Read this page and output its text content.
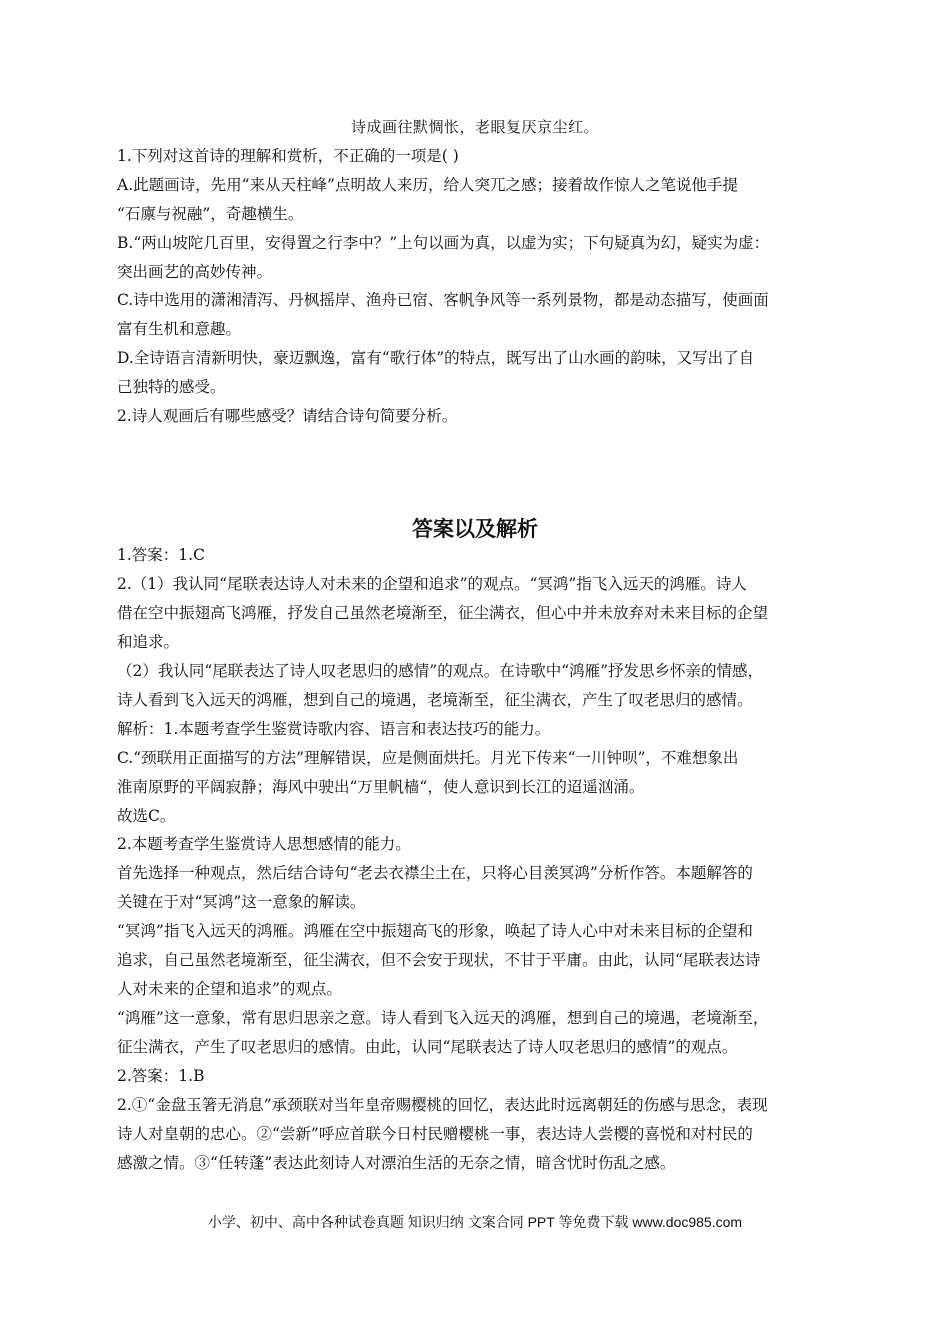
诗成画往默惆怅，老眼复厌京尘红。
1.下列对这首诗的理解和赏析，不正确的一项是( )
A.此题画诗，先用“来从天柱峰”点明故人来历，给人突兀之感；接着故作惊人之笔说他手提
“石廪与祝融”，奇趣横生。
B.“两山坡陀几百里，安得置之行李中？”上句以画为真，以虚为实；下句疑真为幻，疑实为虚：
突出画艺的高妙传神。
C.诗中选用的潇湘清泻、丹枫摇岸、渔舟已宿、客帆争风等一系列景物，都是动态描写，使画面
富有生机和意趣。
D.全诗语言清新明快，豪迈飘逸，富有“歌行体”的特点，既写出了山水画的韵味，又写出了自
己独特的感受。
2.诗人观画后有哪些感受？请结合诗句简要分析。
答案以及解析
1.答案：1.C
2.（1）我认同“尾联表达诗人对未来的企望和追求”的观点。“冥鸿”指飞入远天的鸿雁。诗人
借在空中振翅高飞鸿雁，抒发自己虽然老境渐至，征尘满衣，但心中并未放弃对未来目标的企望
和追求。
（2）我认同“尾联表达了诗人叹老思归的感情”的观点。在诗歌中“鸿雁”抒发思乡怀亲的情感，
诗人看到飞入远天的鸿雁，想到自己的境遇，老境渐至，征尘满衣，产生了叹老思归的感情。
解析：1.本题考查学生鉴赏诗歌内容、语言和表达技巧的能力。
C.“颈联用正面描写的方法”理解错误，应是侧面烘托。月光下传来“一川钟呗”，不难想象出
淮南原野的平阔寂静；海风中驶出“万里帆樯“，使人意识到长江的迢遥汹涌。
故选C。
2.本题考查学生鉴赏诗人思想感情的能力。
首先选择一种观点，然后结合诗句“老去衣襟尘土在，只将心目羡冥鸿”分析作答。本题解答的
关键在于对“冥鸿”这一意象的解读。
“冥鸿”指飞入远天的鸿雁。鸿雁在空中振翅高飞的形象，唤起了诗人心中对未来目标的企望和
追求，自己虽然老境渐至，征尘满衣，但不会安于现状，不甘于平庸。由此，认同“尾联表达诗
人对未来的企望和追求”的观点。
“鸿雁”这一意象，常有思归思亲之意。诗人看到飞入远天的鸿雁，想到自己的境遇，老境渐至，
征尘满衣，产生了叹老思归的感情。由此，认同“尾联表达了诗人叹老思归的感情”的观点。
2.答案：1.B
2.①“金盘玉箸无消息”承颈联对当年皇帝赐樱桃的回忆，表达此时远离朝廷的伤感与思念，表现
诗人对皇朝的忠心。②“尝新”呼应首联今日村民赠樱桃一事，表达诗人尝樱的喜悦和对村民的
感激之情。③“任转蓬”表达此刻诗人对漂泊生活的无奈之情，暗含忧时伤乱之感。
小学、初中、高中各种试卷真题 知识归纳 文案合同 PPT 等免费下载 www.doc985.com
